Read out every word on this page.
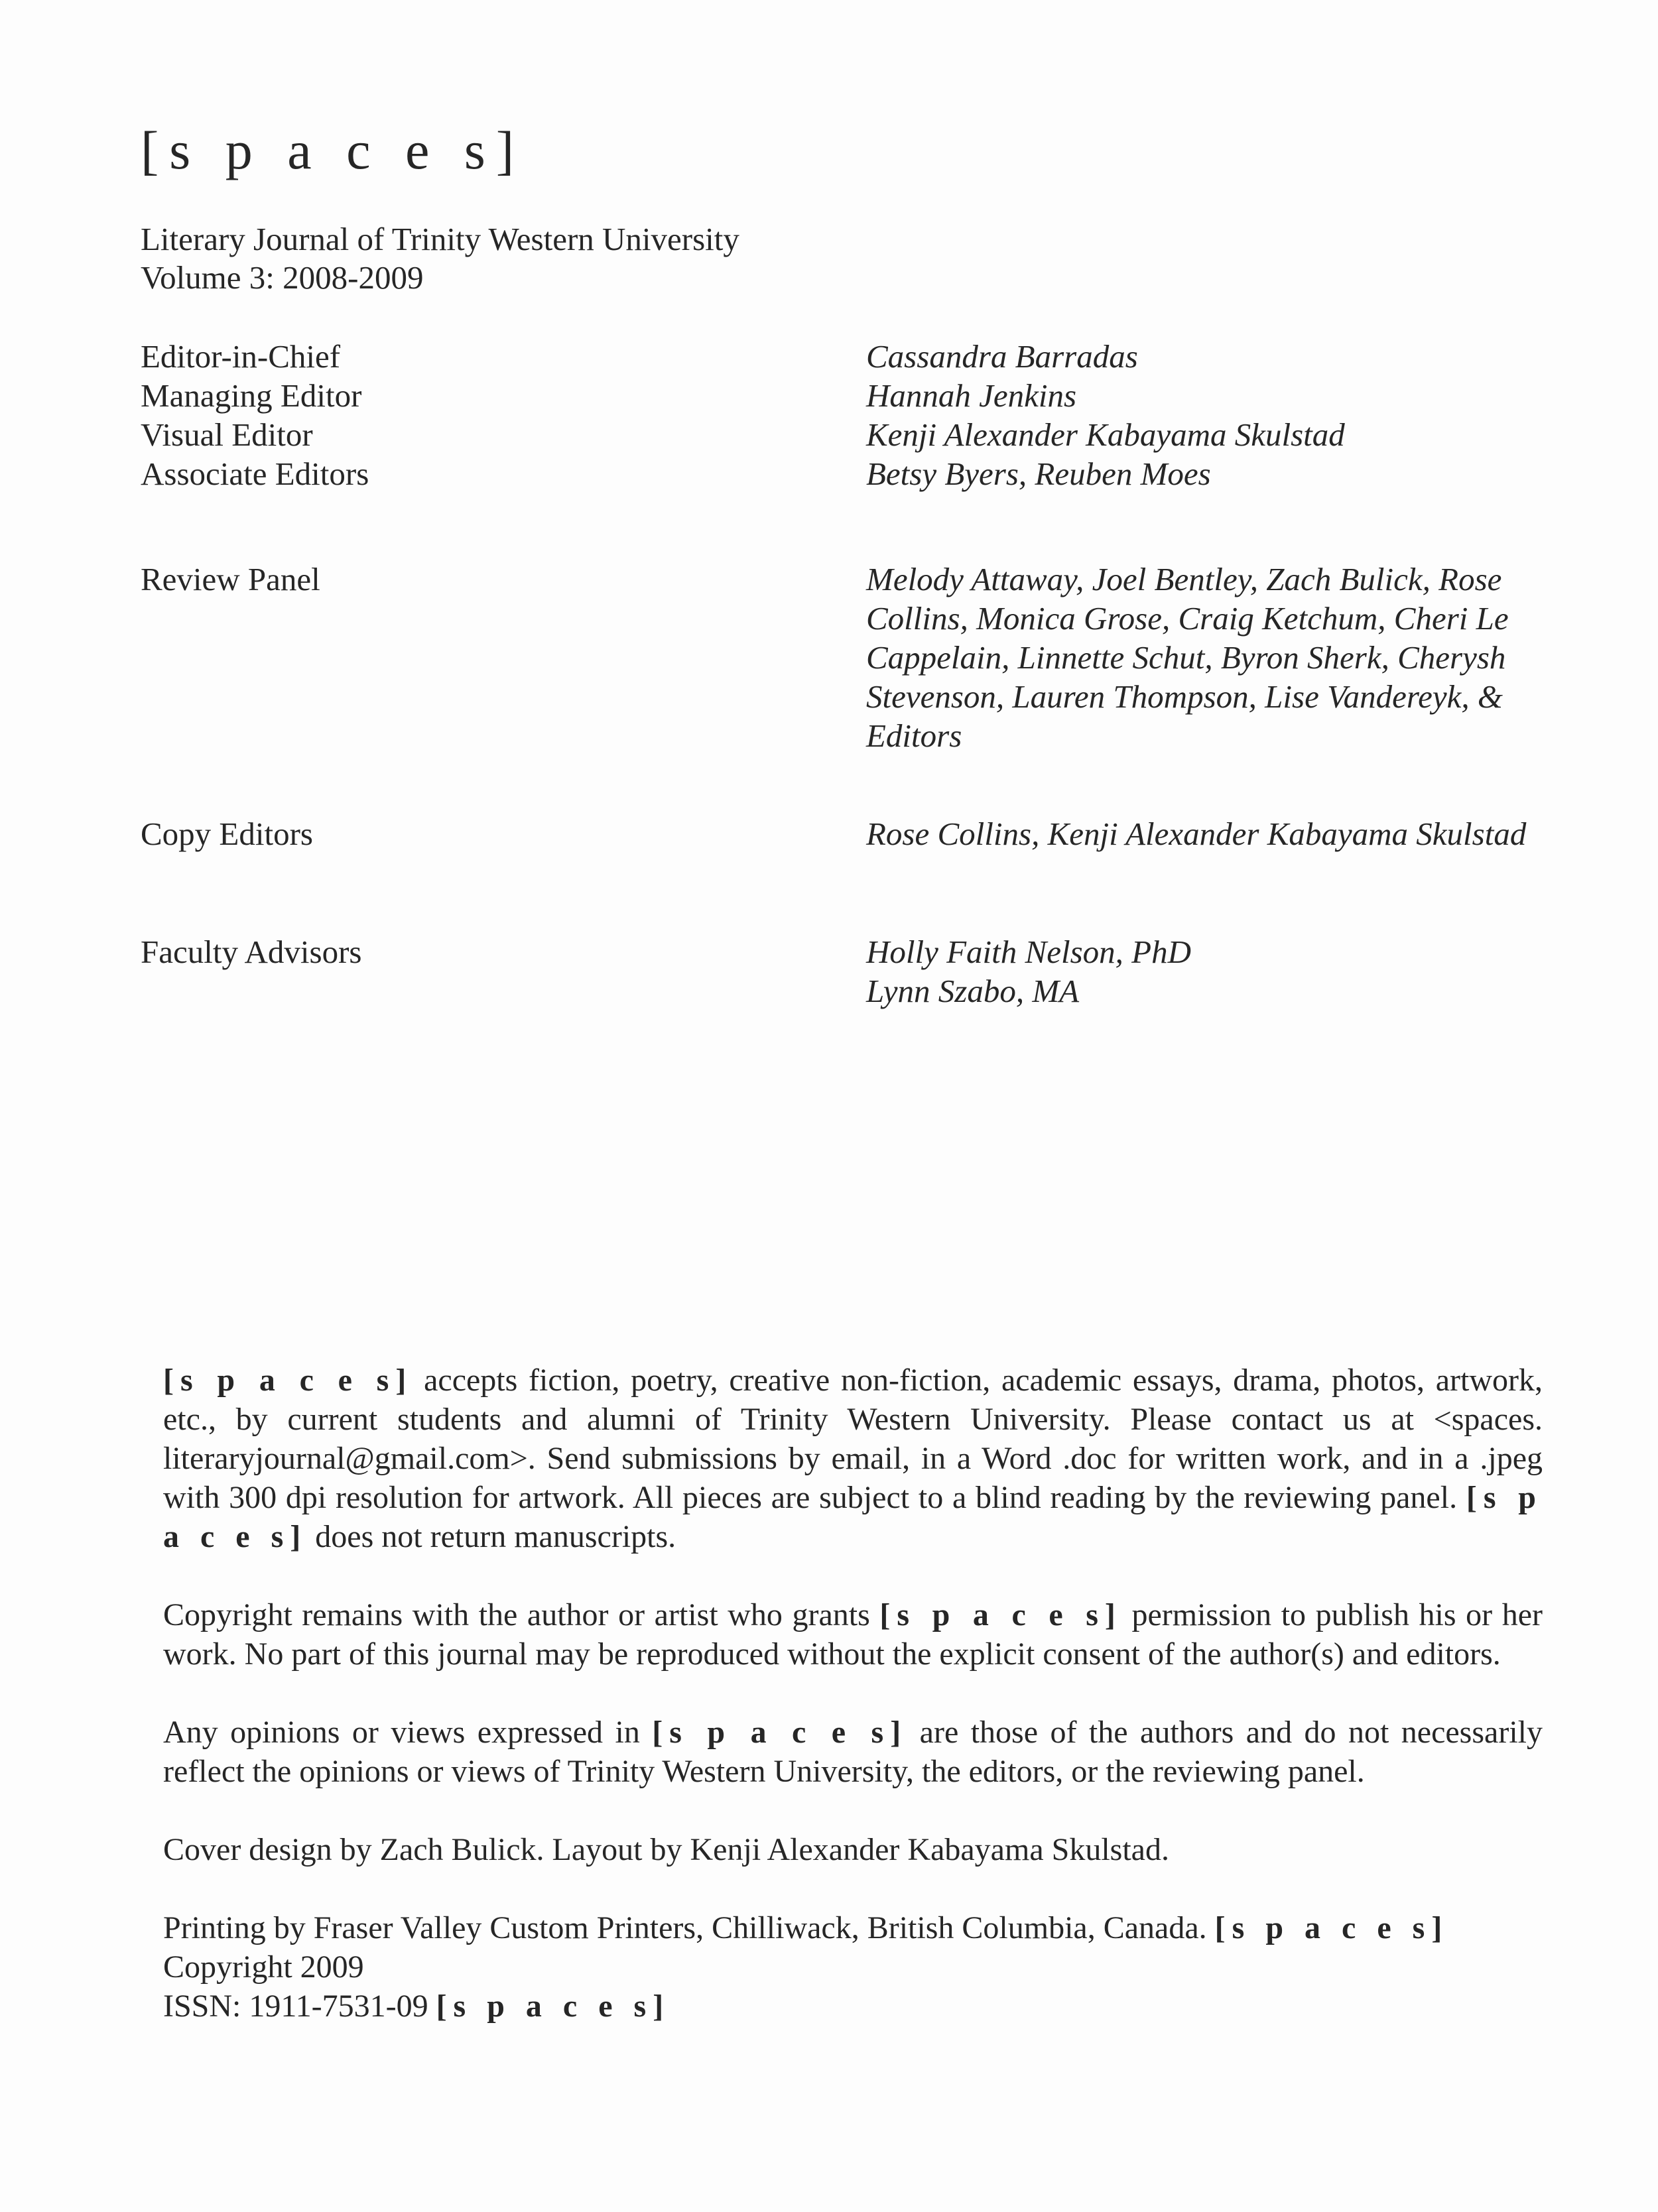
[s p a c e s]
Literary Journal of Trinity Western University
Volume 3: 2008-2009
Editor-in-Chief	Cassandra Barradas
Managing Editor	Hannah Jenkins
Visual Editor	Kenji Alexander Kabayama Skulstad
Associate Editors	Betsy Byers, Reuben Moes
Review Panel	Melody Attaway, Joel Bentley, Zach Bulick, Rose
Collins, Monica Grose, Craig Ketchum, Cheri Le
Cappelain, Linnette Schut, Byron Sherk, Cherysh
Stevenson, Lauren Thompson, Lise Vandereyk, &
Editors
Copy Editors	Rose Collins, Kenji Alexander Kabayama Skulstad
Faculty Advisors	Holly Faith Nelson, PhD
Lynn Szabo, MA

[s p a c e s] accepts fiction, poetry, creative non-fiction, academic essays, drama, photos, artwork, etc., by current students and alumni of Trinity Western University. Please contact us at <spaces. literaryjournal@gmail.com>. Send submissions by email, in a Word .doc for written work, and in a .jpeg with 300 dpi resolution for artwork. All pieces are subject to a blind reading by the reviewing panel. [s p a c e s] does not return manuscripts.

Copyright remains with the author or artist who grants [s p a c e s] permission to publish his or her work. No part of this journal may be reproduced without the explicit consent of the author(s) and editors.

Any opinions or views expressed in [s p a c e s] are those of the authors and do not necessarily reflect the opinions or views of Trinity Western University, the editors, or the reviewing panel.

Cover design by Zach Bulick. Layout by Kenji Alexander Kabayama Skulstad.

Printing by Fraser Valley Custom Printers, Chilliwack, British Columbia, Canada. [s p a c e s]
Copyright 2009
ISSN: 1911-7531-09 [s p a c e s]
